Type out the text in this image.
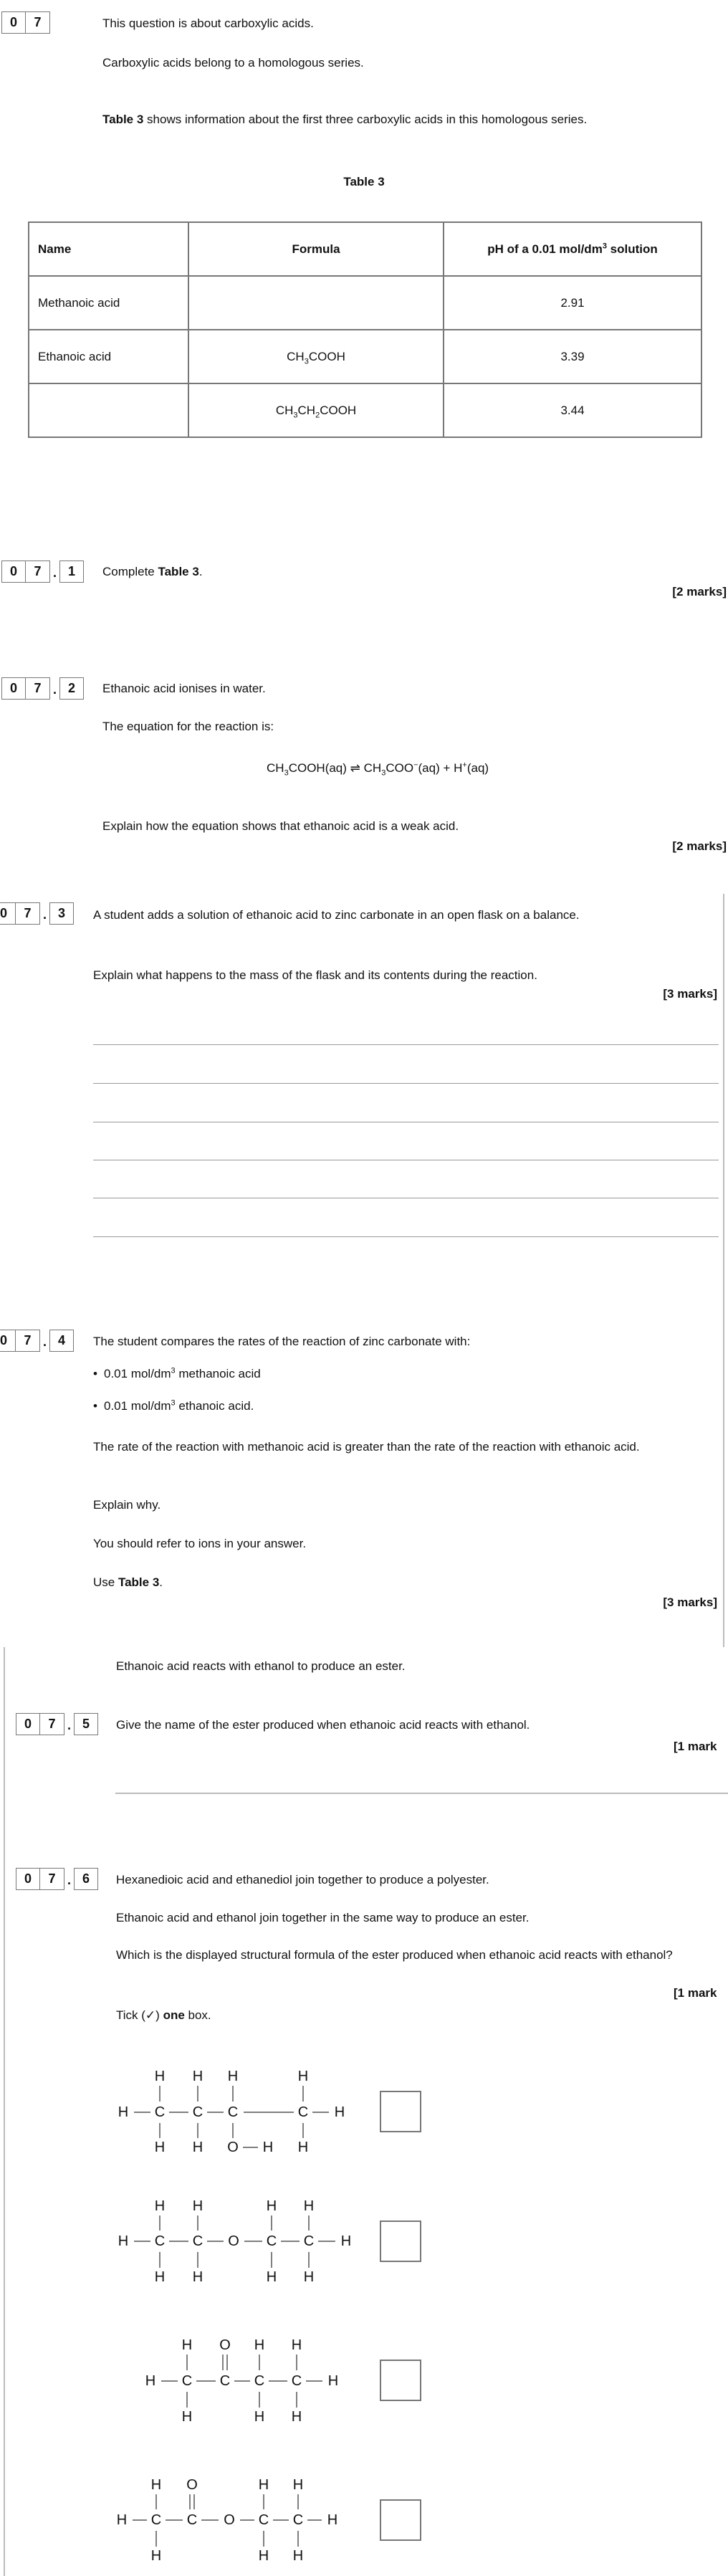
0	7	This question is about carboxylic acids.
Carboxylic acids belong to a homologous series.
Table 3 shows information about the first three carboxylic acids in this homologous series.
Table 3
Name	Formula	pH of a 0.01 mol/$dm^3$ solution
Methanoic acid		2.91
Ethanoic acid	$CH_3COOH$	3.39
	$CH_3CH_2COOH$	3.44
0	7 . 1	Complete Table 3.
[2 marks]
0	7 . 2	Ethanoic acid ionises in water.
The equation for the reaction is:
$CH_3COOH(aq)$ ⇌ $CH_3COO^-(aq) + H^+(aq)$
Explain how the equation shows that ethanoic acid is a weak acid.
[2 marks]
0	7 . 3	A student adds a solution of ethanoic acid to zinc carbonate in an open flask on a balance.
Explain what happens to the mass of the flask and its contents during the reaction.
[3 marks]
0	7 . 4	The student compares the rates of the reaction of zinc carbonate with:
• 0.01 mol/$dm^3$ methanoic acid
• 0.01 mol/$dm^3$ ethanoic acid.
The rate of the reaction with methanoic acid is greater than the rate of the reaction with ethanoic acid.
Explain why.
You should refer to ions in your answer.
Use Table 3.
[3 marks]
Ethanoic acid reacts with ethanol to produce an ester.
0	7 . 5	Give the name of the ester produced when ethanoic acid reacts with ethanol.
[1 mark
0	7 . 6	Hexanedioic acid and ethanediol join together to produce a polyester.
Ethanoic acid and ethanol join together in the same way to produce an ester.
Which is the displayed structural formula of the ester produced when ethanoic acid reacts with ethanol?
[1 mark
Tick (✓) one box.
H C C C	C H
H H H	H
H H O H H
H C C O C C H
H H	H H
H H	H H
H C C C C H
H O H H
H	H H
H C C O C C H
H O	H H
H	H H
